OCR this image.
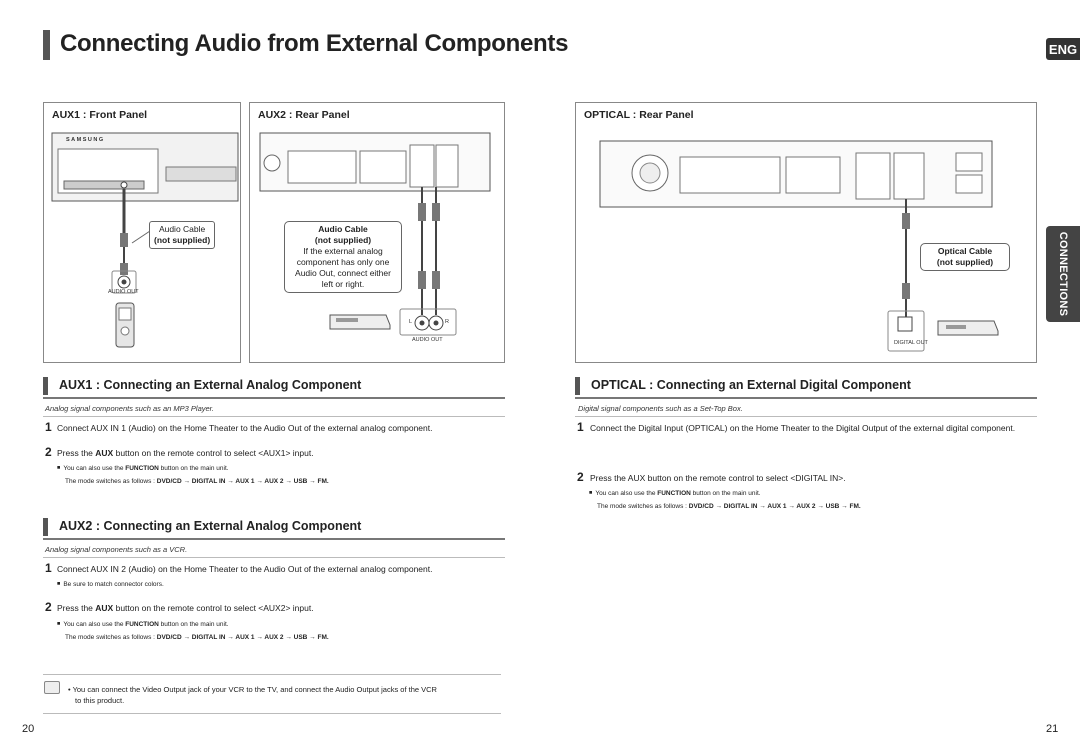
Connecting Audio from External Components	ENG
CONNECTIONS
AUX1 : Front Panel
SAMSUNG
Audio Cable
(not supplied)
AUDIO OUT
AUX2 : Rear Panel
Audio Cable
(not supplied)
If the external analog
component has only one
Audio Out, connect either
left or right.
L	R
AUDIO OUT
OPTICAL : Rear Panel
Optical Cable
(not supplied)
DIGITAL OUT
AUX1 : Connecting an External Analog Component
Analog signal components such as an MP3 Player.
1 Connect AUX IN 1 (Audio) on the Home Theater to the Audio Out of the external analog component.
2 Press the AUX button on the remote control to select <AUX1> input.
■ You can also use the FUNCTION button on the main unit.
The mode switches as follows : DVD/CD → DIGITAL IN → AUX 1 → AUX 2 → USB → FM.
AUX2 : Connecting an External Analog Component
Analog signal components such as a VCR.
1 Connect AUX IN 2 (Audio) on the Home Theater to the Audio Out of the external analog component.
■ Be sure to match connector colors.
2 Press the AUX button on the remote control to select <AUX2> input.
■ You can also use the FUNCTION button on the main unit.
The mode switches as follows : DVD/CD → DIGITAL IN → AUX 1 → AUX 2 → USB → FM.
• You can connect the Video Output jack of your VCR to the TV, and connect the Audio Output jacks of the VCR
to this product.
OPTICAL : Connecting an External Digital Component
Digital signal components such as a Set-Top Box.
1 Connect the Digital Input (OPTICAL) on the Home Theater to the Digital Output of the external digital component.
2 Press the AUX button on the remote control to select <DIGITAL IN>.
■ You can also use the FUNCTION button on the main unit.
The mode switches as follows : DVD/CD → DIGITAL IN → AUX 1 → AUX 2 → USB → FM.
20	21
